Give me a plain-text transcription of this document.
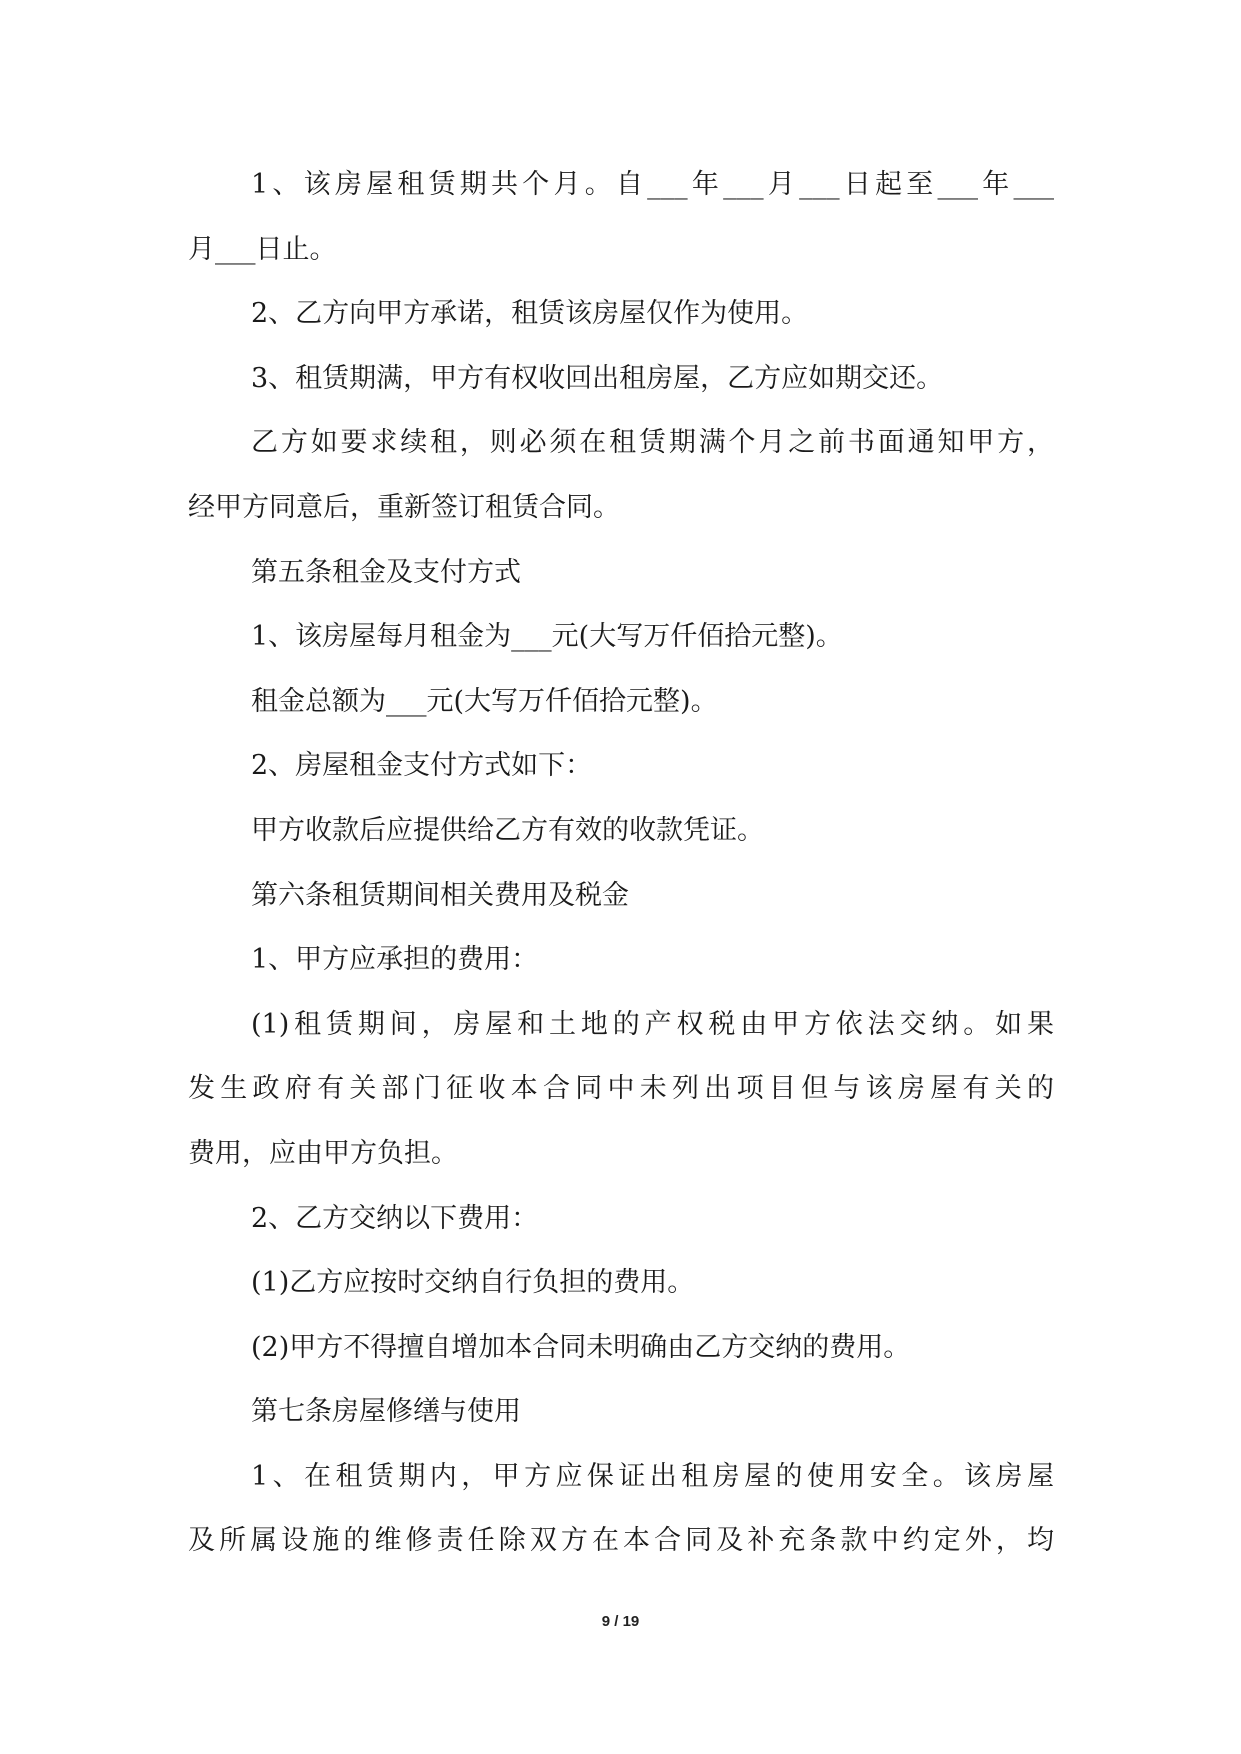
1、该房屋租赁期共个月。自___年___月___日起至___年___
月___日止。
2、乙方向甲方承诺，租赁该房屋仅作为使用。
3、租赁期满，甲方有权收回出租房屋，乙方应如期交还。
乙方如要求续租，则必须在租赁期满个月之前书面通知甲方，
经甲方同意后，重新签订租赁合同。
第五条租金及支付方式
1、该房屋每月租金为___元(大写万仟佰拾元整)。
租金总额为___元(大写万仟佰拾元整)。
2、房屋租金支付方式如下：
甲方收款后应提供给乙方有效的收款凭证。
第六条租赁期间相关费用及税金
1、甲方应承担的费用：
(1)租赁期间，房屋和土地的产权税由甲方依法交纳。如果
发生政府有关部门征收本合同中未列出项目但与该房屋有关的
费用，应由甲方负担。
2、乙方交纳以下费用：
(1)乙方应按时交纳自行负担的费用。
(2)甲方不得擅自增加本合同未明确由乙方交纳的费用。
第七条房屋修缮与使用
1、在租赁期内，甲方应保证出租房屋的使用安全。该房屋
及所属设施的维修责任除双方在本合同及补充条款中约定外，均
9 / 19
